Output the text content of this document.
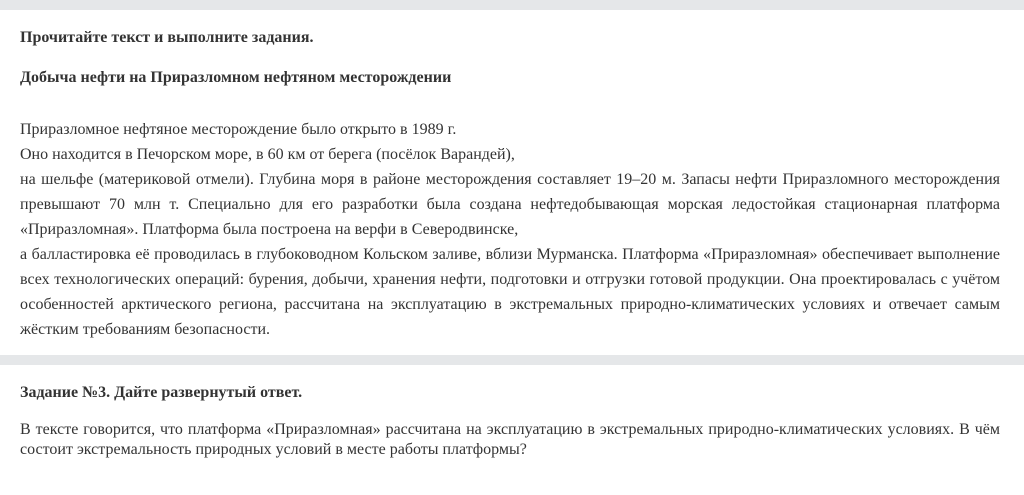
Прочитайте текст и выполните задания.

Добыча нефти на Приразломном нефтяном месторождении

Приразломное нефтяное месторождение было открыто в 1989 г.
Оно находится в Печорском море, в 60 км от берега (посёлок Варандей),
на шельфе (материковой отмели). Глубина моря в районе месторождения составляет 19–20 м. Запасы нефти Приразломного месторождения превышают 70 млн т. Специально для его разработки была создана нефтедобывающая морская ледостойкая стационарная платформа «Приразломная». Платформа была построена на верфи в Северодвинске,
а балластировка её проводилась в глубоководном Кольском заливе, вблизи Мурманска. Платформа «Приразломная» обеспечивает выполнение всех технологических операций: бурения, добычи, хранения нефти, подготовки и отгрузки готовой продукции. Она проектировалась с учётом особенностей арктического региона, рассчитана на эксплуатацию в экстремальных природно-климатических условиях и отвечает самым жёстким требованиям безопасности.

Задание №3. Дайте развернутый ответ.

В тексте говорится, что платформа «Приразломная» рассчитана на эксплуатацию в экстремальных природно-климатических условиях. В чём состоит экстремальность природных условий в месте работы платформы?
